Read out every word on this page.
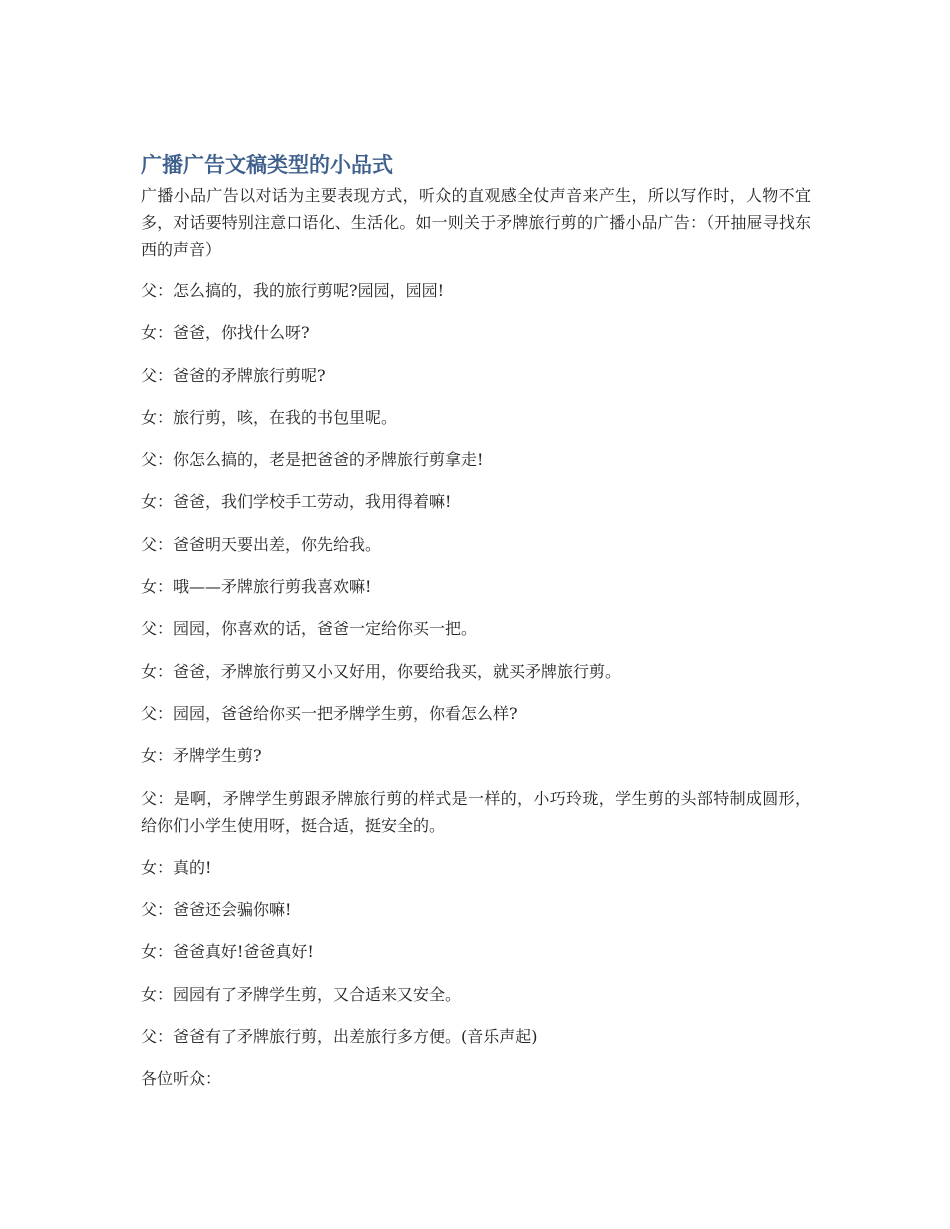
广播广告文稿类型的小品式

广播小品广告以对话为主要表现方式，听众的直观感全仗声音来产生，所以写作时，人物不宜多，对话要特别注意口语化、生活化。如一则关于矛牌旅行剪的广播小品广告：（开抽屉寻找东西的声音）

父：怎么搞的，我的旅行剪呢?园园，园园!

女：爸爸，你找什么呀?

父：爸爸的矛牌旅行剪呢?

女：旅行剪，咳，在我的书包里呢。

父：你怎么搞的，老是把爸爸的矛牌旅行剪拿走!

女：爸爸，我们学校手工劳动，我用得着嘛!

父：爸爸明天要出差，你先给我。

女：哦——矛牌旅行剪我喜欢嘛!

父：园园，你喜欢的话，爸爸一定给你买一把。

女：爸爸，矛牌旅行剪又小又好用，你要给我买，就买矛牌旅行剪。

父：园园，爸爸给你买一把矛牌学生剪，你看怎么样?

女：矛牌学生剪?

父：是啊，矛牌学生剪跟矛牌旅行剪的样式是一样的，小巧玲珑，学生剪的头部特制成圆形，给你们小学生使用呀，挺合适，挺安全的。

女：真的!

父：爸爸还会骗你嘛!

女：爸爸真好!爸爸真好!

女：园园有了矛牌学生剪，又合适来又安全。

父：爸爸有了矛牌旅行剪，出差旅行多方便。(音乐声起)

各位听众：
